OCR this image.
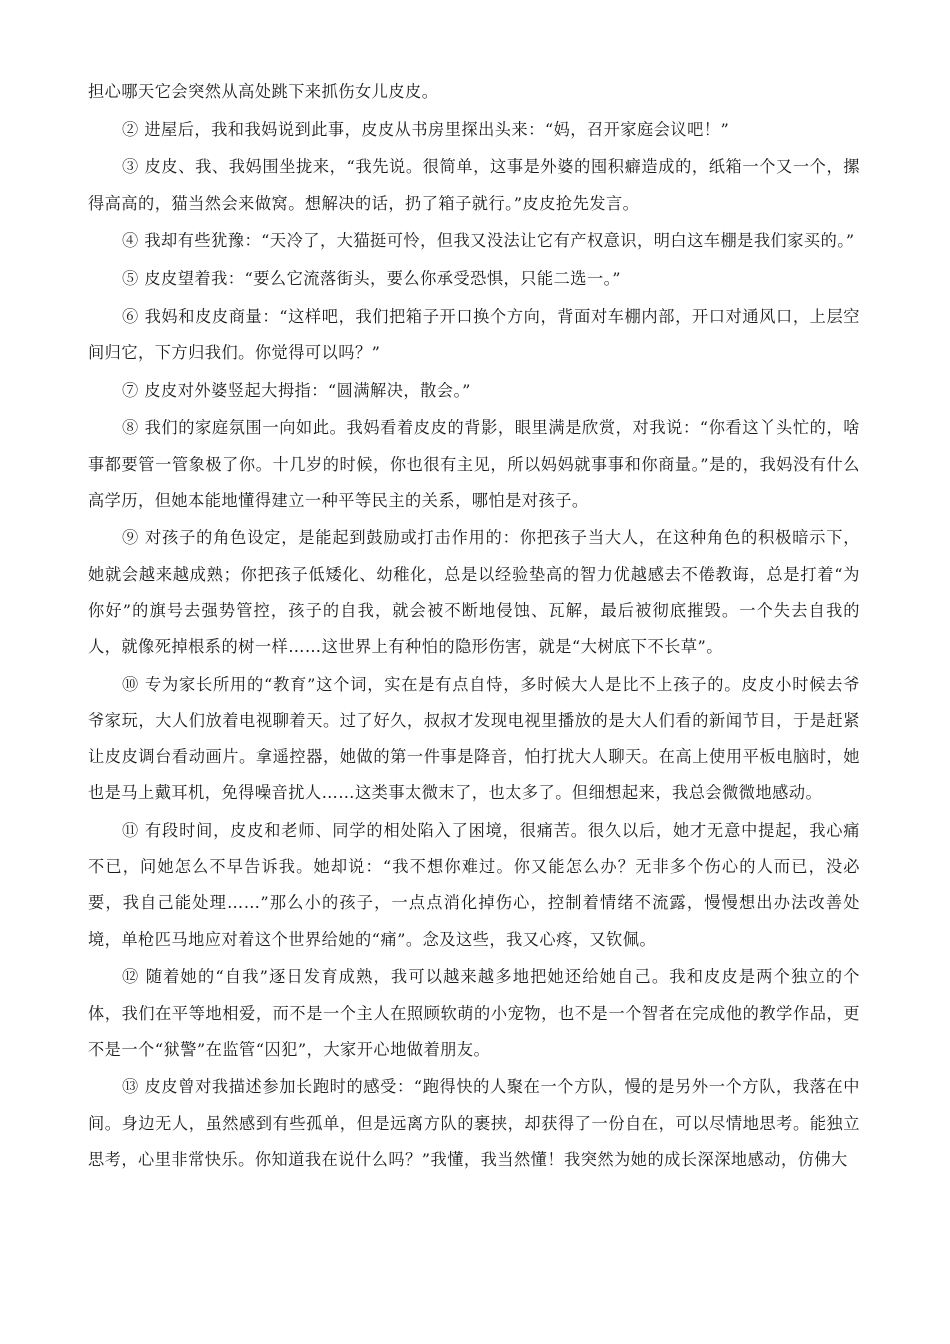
担心哪天它会突然从高处跳下来抓伤女儿皮皮。

② 进屋后，我和我妈说到此事，皮皮从书房里探出头来：“妈，召开家庭会议吧！”

③ 皮皮、我、我妈围坐拢来，“我先说。很简单，这事是外婆的囤积癖造成的，纸箱一个又一个，摞得高高的，猫当然会来做窝。想解决的话，扔了箱子就行。”皮皮抢先发言。

④ 我却有些犹豫：“天冷了，大猫挺可怜，但我又没法让它有产权意识，明白这车棚是我们家买的。”

⑤ 皮皮望着我：“要么它流落街头，要么你承受恐惧，只能二选一。”

⑥ 我妈和皮皮商量：“这样吧，我们把箱子开口换个方向，背面对车棚内部，开口对通风口，上层空间归它，下方归我们。你觉得可以吗？”

⑦ 皮皮对外婆竖起大拇指：“圆满解决，散会。”

⑧ 我们的家庭氛围一向如此。我妈看着皮皮的背影，眼里满是欣赏，对我说：“你看这丫头忙的，啥事都要管一管象极了你。十几岁的时候，你也很有主见，所以妈妈就事事和你商量。”是的，我妈没有什么高学历，但她本能地懂得建立一种平等民主的关系，哪怕是对孩子。

⑨ 对孩子的角色设定，是能起到鼓励或打击作用的：你把孩子当大人，在这种角色的积极暗示下，她就会越来越成熟；你把孩子低矮化、幼稚化，总是以经验垫高的智力优越感去不倦教诲，总是打着“为你好”的旗号去强势管控，孩子的自我，就会被不断地侵蚀、瓦解，最后被彻底摧毁。一个失去自我的人，就像死掉根系的树一样……这世界上有种怕的隐形伤害，就是“大树底下不长草”。

⑩ 专为家长所用的“教育”这个词，实在是有点自恃，多时候大人是比不上孩子的。皮皮小时候去爷爷家玩，大人们放着电视聊着天。过了好久，叔叔才发现电视里播放的是大人们看的新闻节目，于是赶紧让皮皮调台看动画片。拿遥控器，她做的第一件事是降音，怕打扰大人聊天。在高上使用平板电脑时，她也是马上戴耳机，免得噪音扰人……这类事太微末了，也太多了。但细想起来，我总会微微地感动。

⑪ 有段时间，皮皮和老师、同学的相处陷入了困境，很痛苦。很久以后，她才无意中提起，我心痛不已，问她怎么不早告诉我。她却说：“我不想你难过。你又能怎么办？无非多个伤心的人而已，没必要，我自己能处理……”那么小的孩子，一点点消化掉伤心，控制着情绪不流露，慢慢想出办法改善处境，单枪匹马地应对着这个世界给她的“痛”。念及这些，我又心疼，又钦佩。

⑫ 随着她的“自我”逐日发育成熟，我可以越来越多地把她还给她自己。我和皮皮是两个独立的个体，我们在平等地相爱，而不是一个主人在照顾软萌的小宠物，也不是一个智者在完成他的教学作品，更不是一个“狱警”在监管“囚犯”，大家开心地做着朋友。

⑬ 皮皮曾对我描述参加长跑时的感受：“跑得快的人聚在一个方队，慢的是另外一个方队，我落在中间。身边无人，虽然感到有些孤单，但是远离方队的裹挟，却获得了一份自在，可以尽情地思考。能独立思考，心里非常快乐。你知道我在说什么吗？”我懂，我当然懂！我突然为她的成长深深地感动，仿佛大
